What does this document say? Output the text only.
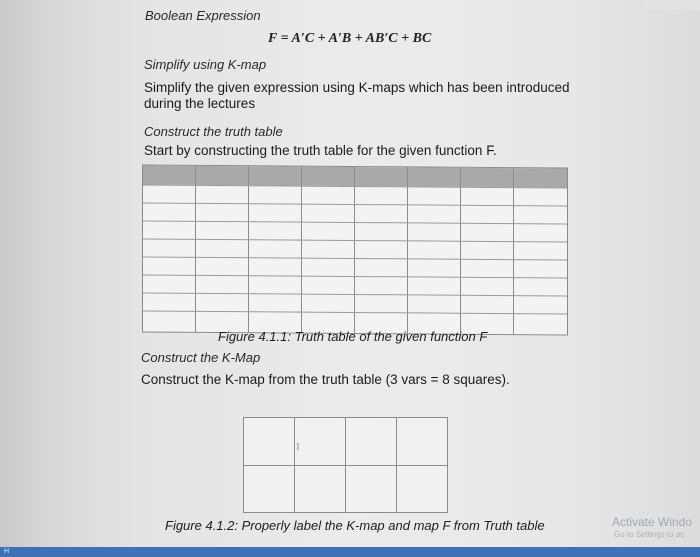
Boolean Expression
F = A′C + A′B + AB′C + BC
Simplify using K-map
Simplify the given expression using K-maps which has been introduced
during the lectures
Construct the truth table
Start by constructing the truth table for the given function F.
Figure 4.1.1: Truth table of the given function F
Construct the K-Map
Construct the K-map from the truth table (3 vars = 8 squares).
I
Figure 4.1.2: Properly label the K-map and map F from Truth table	Activate Windo
Go to Settings to ac
H
